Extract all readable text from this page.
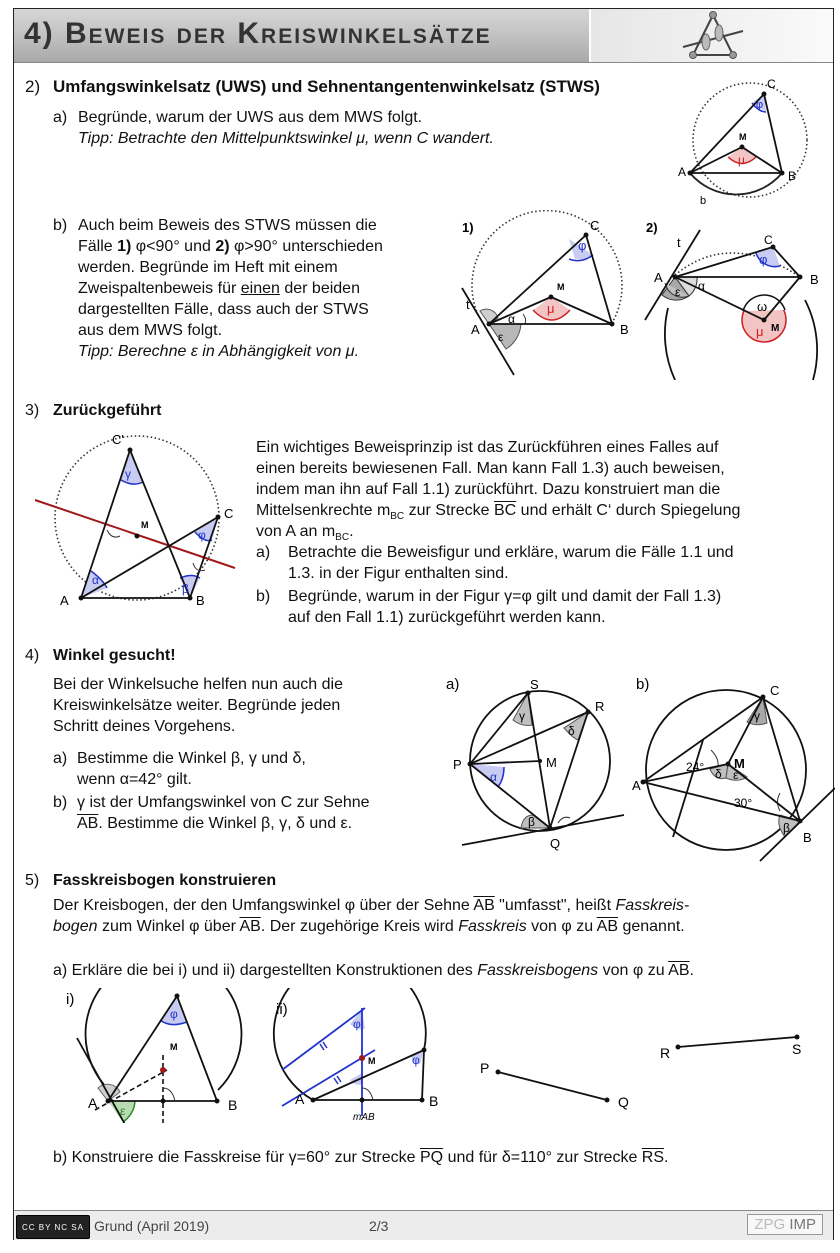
4) Beweis der Kreiswinkelsätze
2) Umfangswinkelsatz (UWS) und Sehnentangentenwinkelsatz (STWS)
a) Begründe, warum der UWS aus dem MWS folgt.
Tipp: Betrachte den Mittelpunktswinkel μ, wenn C wandert.
b) Auch beim Beweis des STWS müssen die
Fälle 1) φ<90° und 2) φ>90° unterschieden
werden. Begründe im Heft mit einem
Zweispaltenbeweis für einen der beiden
dargestellten Fälle, dass auch der STWS
aus dem MWS folgt.
Tipp: Berechne ε in Abhängigkeit von μ.
C
A	B
M
φ
μ
b
1)	C
A	B
M
t
φ
μ
α
ε
2)
C
A	B
M
t
φ
μ
α
ε
ω
3) Zurückgeführt
C'
C
A	B
M
γ
α
β
φ
Ein wichtiges Beweisprinzip ist das Zurückführen eines Falles auf
einen bereits bewiesenen Fall. Man kann Fall 1.3) auch beweisen,
indem man ihn auf Fall 1.1) zurückführt. Dazu konstruiert man die
Mittelsenkrechte $m_{BC}$ zur Strecke $\overline{BC}$ und erhält C‘ durch Spiegelung
von A an $m_{BC}$.
a) Betrachte die Beweisfigur und erkläre, warum die Fälle 1.1 und
1.3. in der Figur enthalten sind.
b) Begründe, warum in der Figur γ=φ gilt und damit der Fall 1.3)
auf den Fall 1.1) zurückgeführt werden kann.
4) Winkel gesucht!
Bei der Winkelsuche helfen nun auch die
Kreiswinkelsätze weiter. Begründe jeden
Schritt deines Vorgehens.
a) Bestimme die Winkel β, γ und δ,
wenn α=42° gilt.
b) γ ist der Umfangswinkel von C zur Sehne
$\overline{AB}$. Bestimme die Winkel β, γ, δ und ε.
a)	S
R
P
Q
M
α
γ
δ
β
b)	C
A
B
M
24°
30°
γ
δ ε
β
5) Fasskreisbogen konstruieren
Der Kreisbogen, der den Umfangswinkel φ über der Sehne $\overline{AB}$ "umfasst", heißt Fasskreis-
bogen zum Winkel φ über $\overline{AB}$. Der zugehörige Kreis wird Fasskreis von φ zu $\overline{AB}$ genannt.
a) Erkläre die bei i) und ii) dargestellten Konstruktionen des Fasskreisbogens von φ zu $\overline{AB}$.
i)
A	B
M
φ
ε
ii)
A	B
M
φ
φ
mAB
P
Q
R	S
b) Konstruiere die Fasskreise für γ=60° zur Strecke $\overline{PQ}$ und für δ=110° zur Strecke $\overline{RS}$.
CC BY NC SA Grund (April 2019)	2/3	ZPG IMP
